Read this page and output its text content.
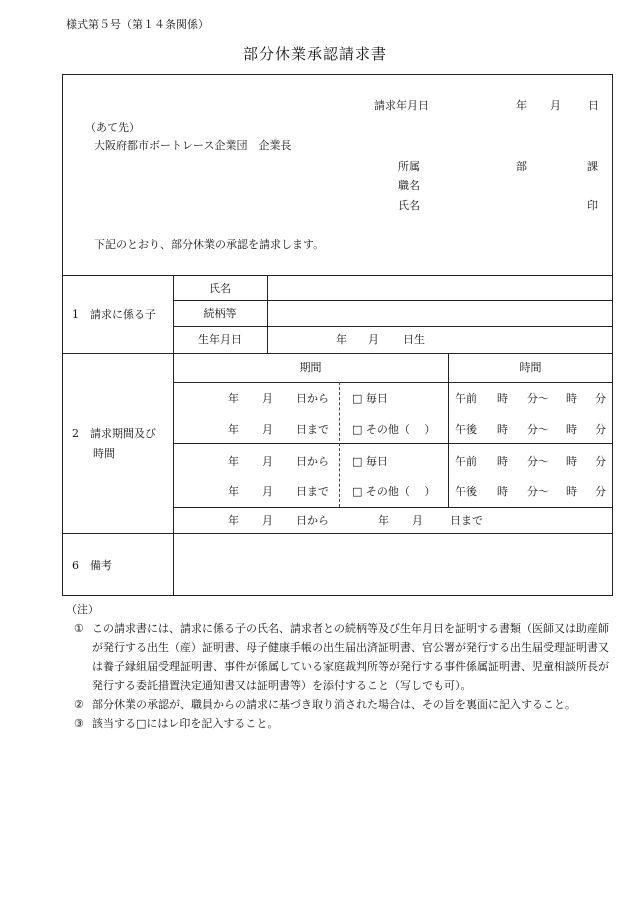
様式第５号（第１４条関係）
部分休業承認請求書
請求年月日	年 月 日
（あて先）
大阪府都市ボートレース企業団　企業長
所属	部	課
職名
氏名	印
下記のとおり、部分休業の承認を請求します。
1　請求に係る子
氏名
続柄等
生年月日	年 月 日生
2　請求期間及び
時間
期間	時間
年 月 日から □ 毎日	午前 時 分～ 時 分
年 月 日まで □ その他（　 ） 午後 時 分～ 時 分
年 月 日から □ 毎日	午前 時 分～ 時 分
年 月 日まで □ その他（　 ） 午後 時 分～ 時 分
年 月 日から	年 月 日まで
6　備考
（注）
① この請求書には、請求に係る子の氏名、請求者との続柄等及び生年月日を証明する書類（医師又は助産師が発行する出生（産）証明書、母子健康手帳の出生届出済証明書、官公署が発行する出生届受理証明書又は養子縁組届受理証明書、事件が係属している家庭裁判所等が発行する事件係属証明書、児童相談所長が発行する委託措置決定通知書又は証明書等）を添付すること（写しでも可）。
② 部分休業の承認が、職員からの請求に基づき取り消された場合は、その旨を裏面に記入すること。
③ 該当する□にはレ印を記入すること。
